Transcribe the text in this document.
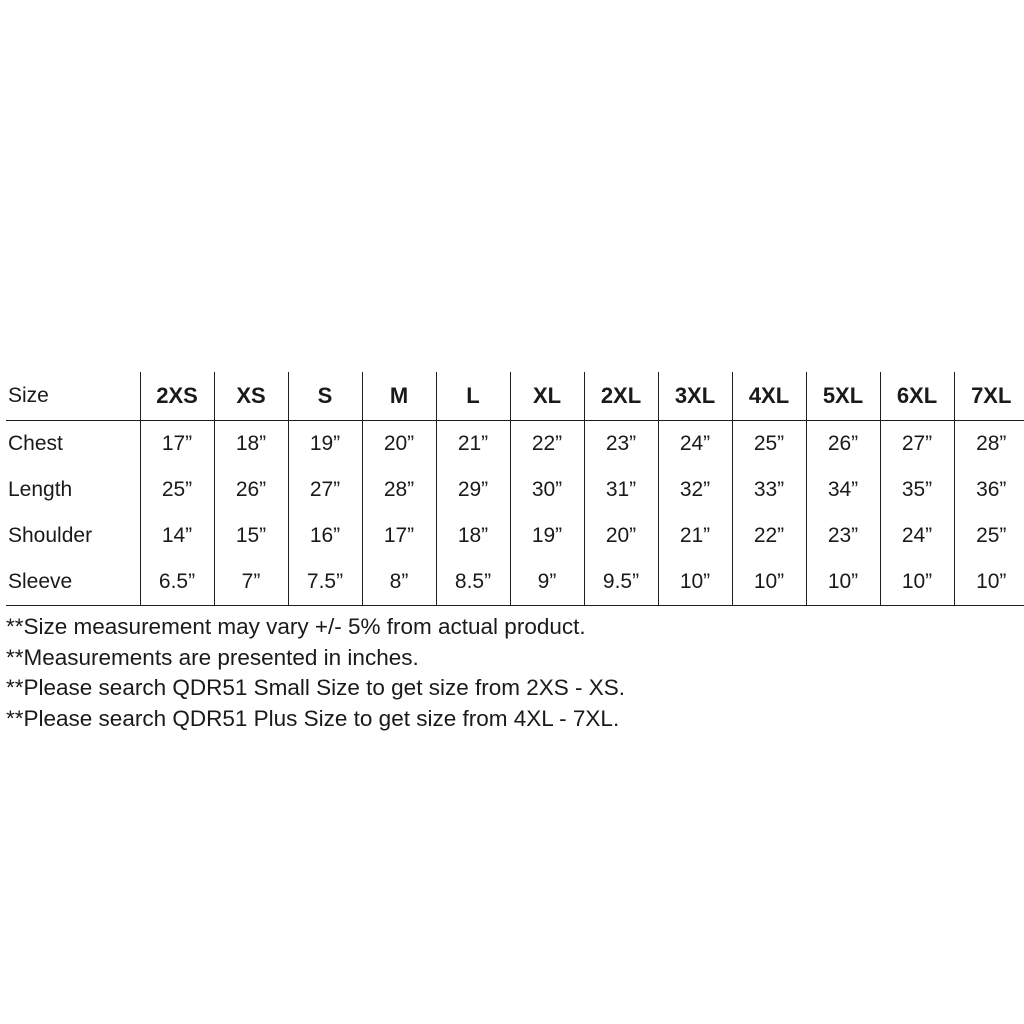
Size	2XS	XS	S	M	L	XL	2XL	3XL	4XL	5XL	6XL	7XL
Chest	17”	18”	19”	20”	21”	22”	23”	24”	25”	26”	27”	28”
Length	25”	26”	27”	28”	29”	30”	31”	32”	33”	34”	35”	36”
Shoulder	14”	15”	16”	17”	18”	19”	20”	21”	22”	23”	24”	25”
Sleeve	6.5”	7”	7.5”	8”	8.5”	9”	9.5”	10”	10”	10”	10”	10”
**Size measurement may vary +/- 5% from actual product.
**Measurements are presented in inches.
**Please search QDR51 Small Size to get size from 2XS - XS.
**Please search QDR51 Plus Size to get size from 4XL - 7XL.
